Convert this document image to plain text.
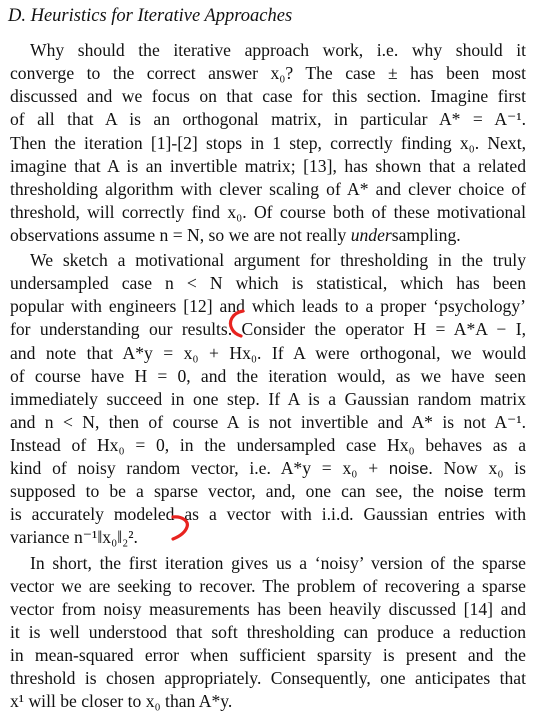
D. Heuristics for Iterative Approaches
Why should the iterative approach work, i.e. why should it
converge to the correct answer x₀? The case ± has been most
discussed and we focus on that case for this section. Imagine first
of all that A is an orthogonal matrix, in particular A* = A⁻¹.
Then the iteration [1]-[2] stops in 1 step, correctly finding x₀. Next,
imagine that A is an invertible matrix; [13], has shown that a related
thresholding algorithm with clever scaling of A* and clever choice of
threshold, will correctly find x₀. Of course both of these motivational
observations assume n = N, so we are not really undersampling.
We sketch a motivational argument for thresholding in the truly
undersampled case n < N which is statistical, which has been
popular with engineers [12] and which leads to a proper ‘psychology’
for understanding our results. Consider the operator H = A*A − I,
and note that A*y = x₀ + Hx₀. If A were orthogonal, we would
of course have H = 0, and the iteration would, as we have seen
immediately succeed in one step. If A is a Gaussian random matrix
and n < N, then of course A is not invertible and A* is not A⁻¹.
Instead of Hx₀ = 0, in the undersampled case Hx₀ behaves as a
kind of noisy random vector, i.e. A*y = x₀ + noise. Now x₀ is
supposed to be a sparse vector, and, one can see, the noise term
is accurately modeled as a vector with i.i.d. Gaussian entries with
variance n⁻¹‖x₀‖₂².
In short, the first iteration gives us a ‘noisy’ version of the sparse
vector we are seeking to recover. The problem of recovering a sparse
vector from noisy measurements has been heavily discussed [14] and
it is well understood that soft thresholding can produce a reduction
in mean-squared error when sufficient sparsity is present and the
threshold is chosen appropriately. Consequently, one anticipates that
x¹ will be closer to x₀ than A*y.
